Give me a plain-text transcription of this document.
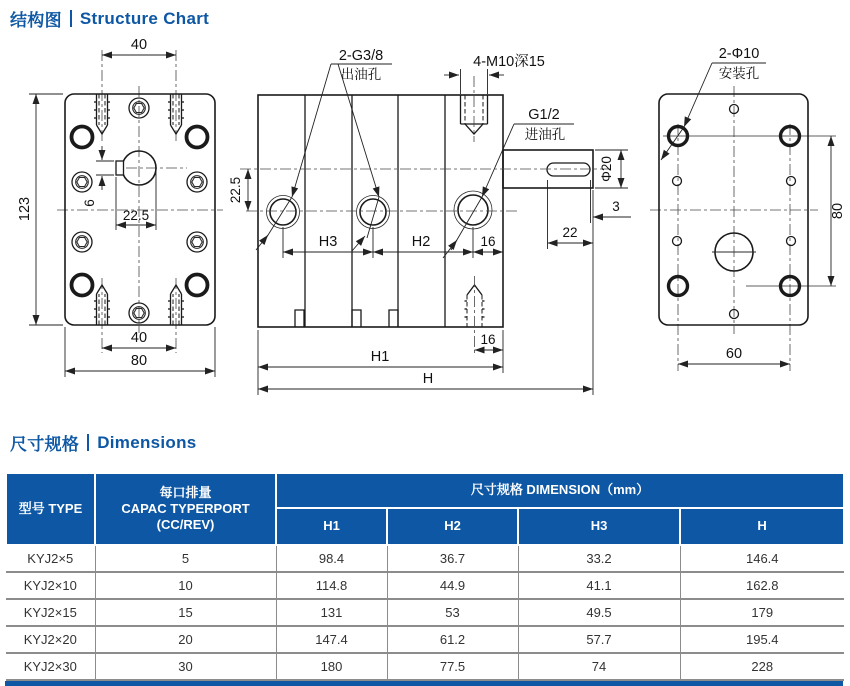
结构图 Structure Chart
40
123	6
22.5
40
80
22.5
H3	H2	16
2-G3/8
出油孔
4-M10深15
G1/2
进油孔
Φ20
3
22
16
H1
H
2-Φ10
安装孔
80
60
尺寸规格 Dimensions
型号 TYPE	每口排量
CAPAC TYPERPORT
(CC/REV)	尺寸规格 DIMENSION（mm）			
		H1	H2	H3	H
KYJ2×5	5	98.4	36.7	33.2	146.4
KYJ2×10	10	114.8	44.9	41.1	162.8
KYJ2×15	15	131	53	49.5	179
KYJ2×20	20	147.4	61.2	57.7	195.4
KYJ2×30	30	180	77.5	74	228
